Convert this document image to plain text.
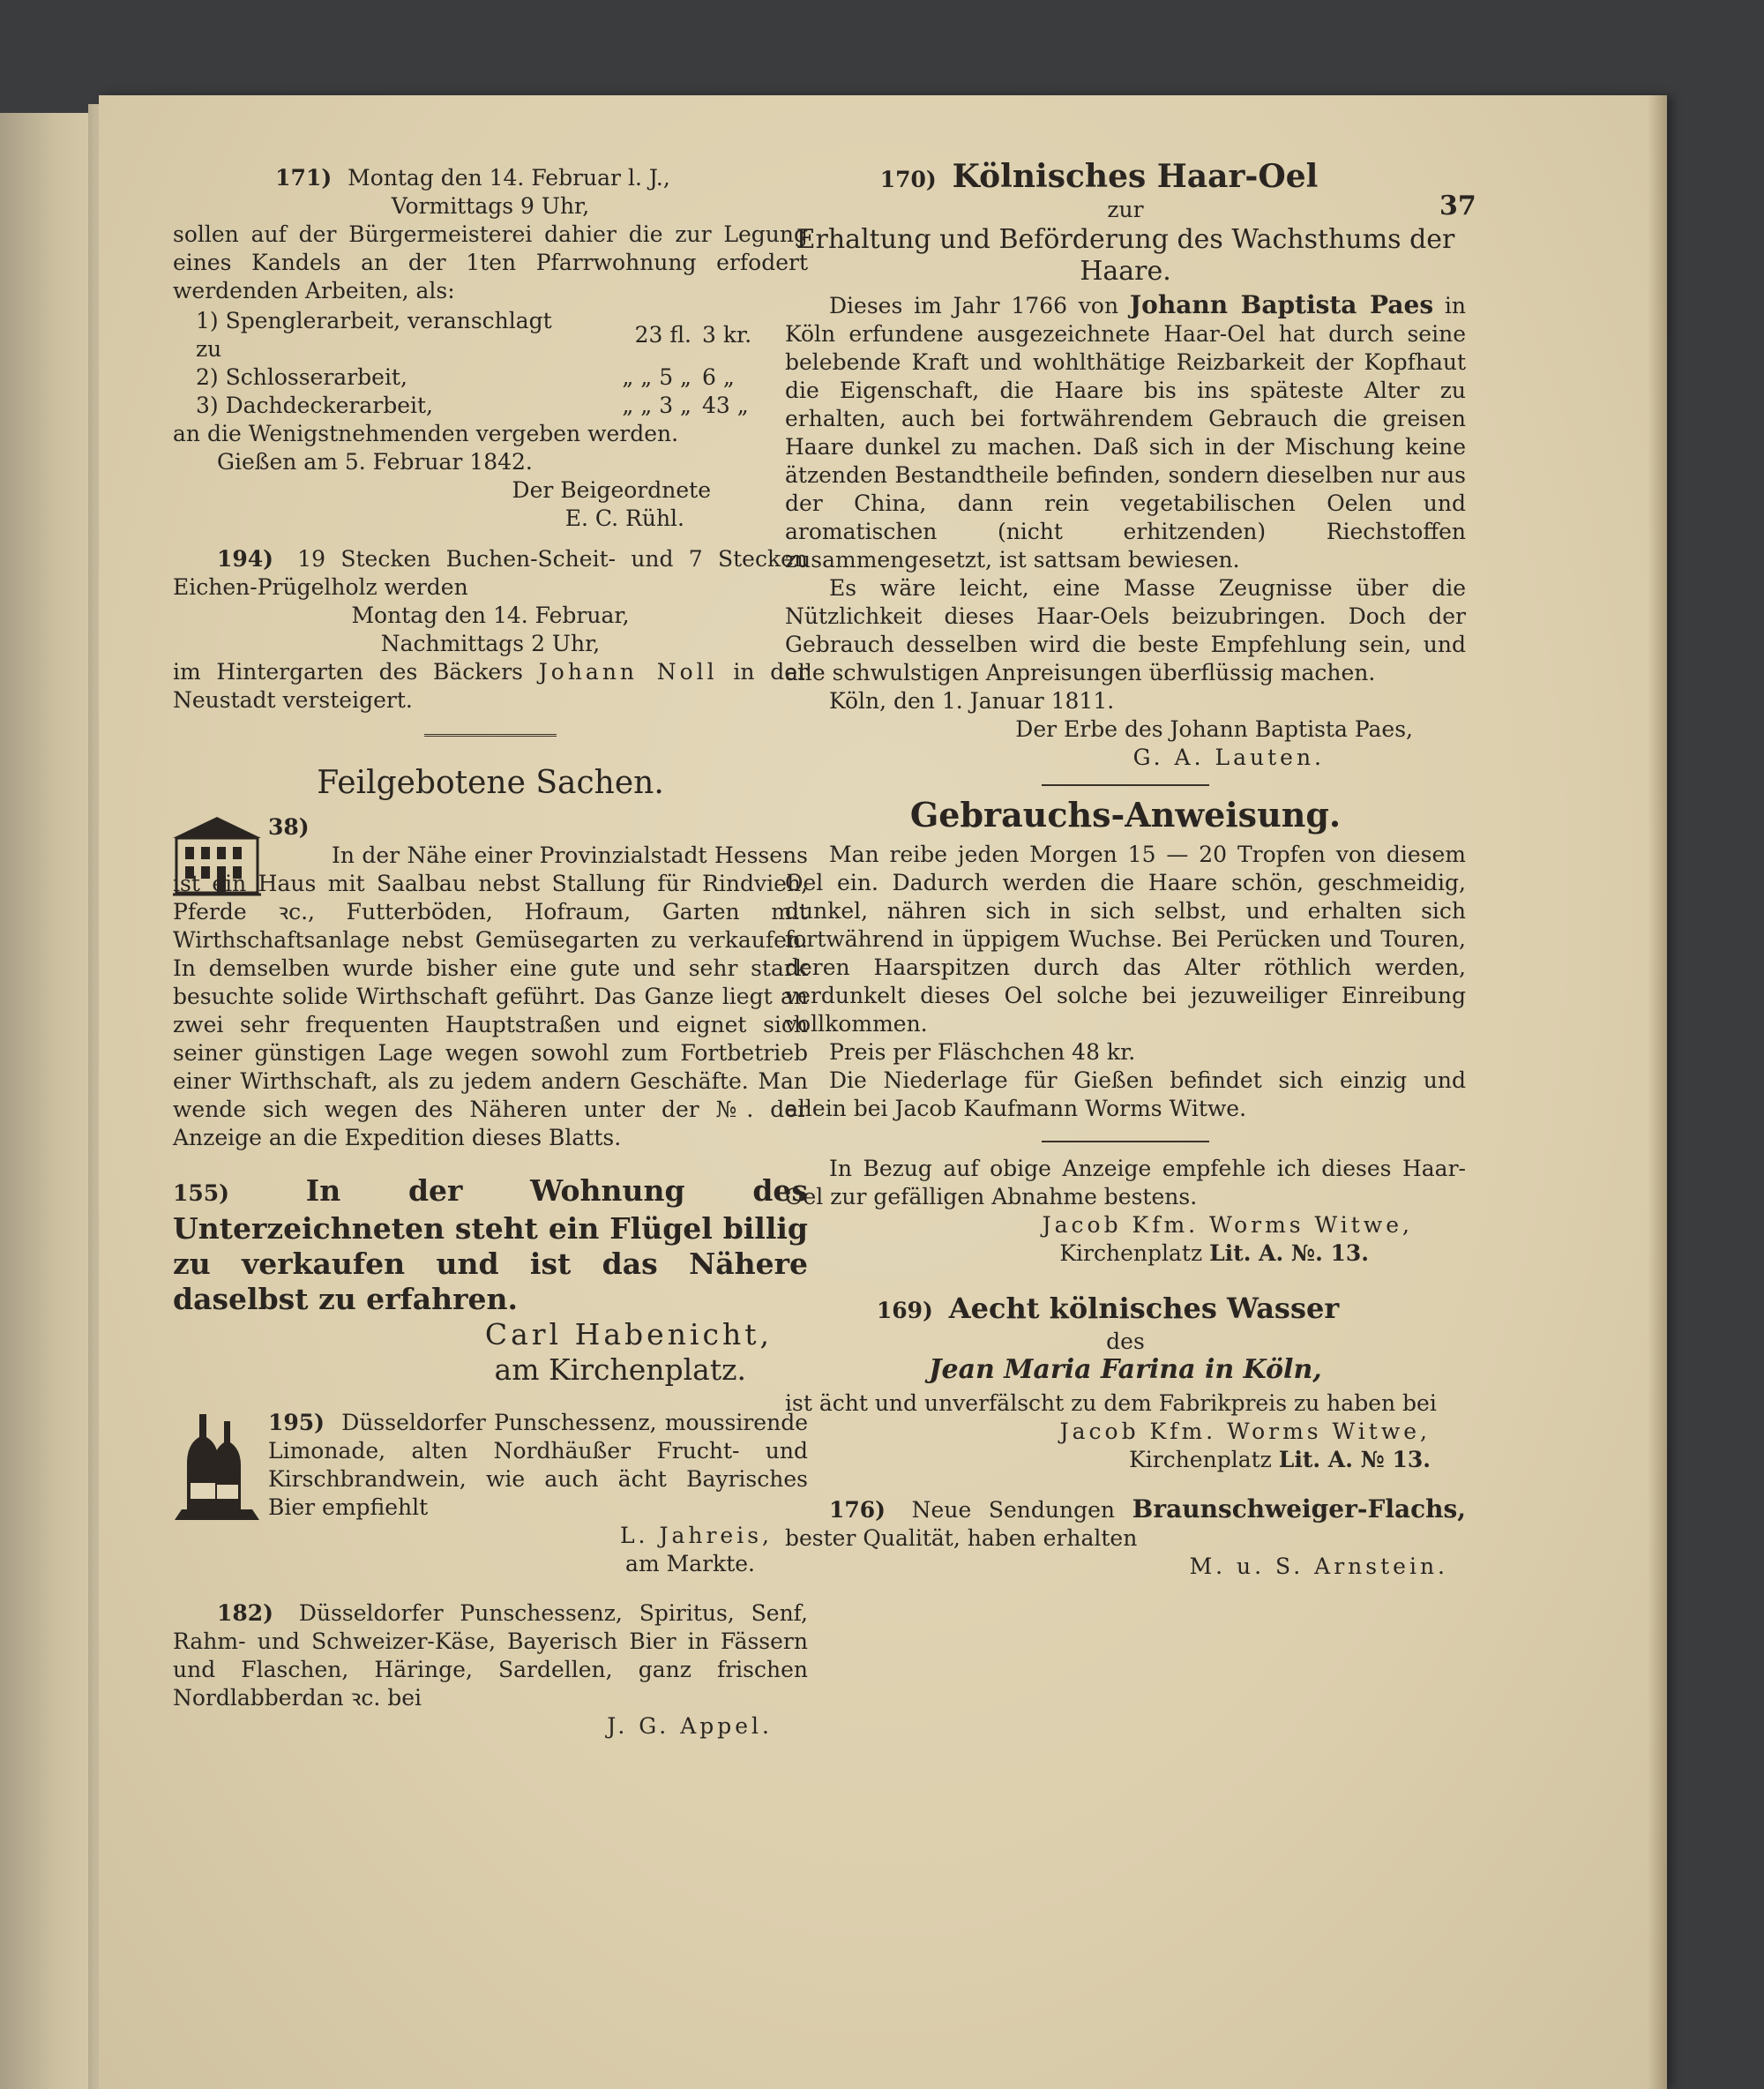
37

171) Montag den 14. Februar l. J.,

Vormittags 9 Uhr,

sollen auf der Bürgermeisterei dahier die zur Legung eines Kandels an der 1ten Pfarrwohnung erfodert werdenden Arbeiten, als:

1) Spenglerarbeit, veranschlagt zu	23 fl.	3 kr.
2) Schlosserarbeit,	„ „ 5 „	6 „
3) Dachdeckerarbeit,	„ „ 3 „	43 „

an die Wenigstnehmenden vergeben werden.

Gießen am 5. Februar 1842.

Der Beigeordnete

E. C. Rühl.

194) 19 Stecken Buchen-Scheit- und 7 Stecken Eichen-Prügelholz werden

Montag den 14. Februar,

Nachmittags 2 Uhr,

im Hintergarten des Bäckers Johann Noll in der Neustadt versteigert.

Feilgebotene Sachen.

38)

In der Nähe einer Provinzialstadt Hessens ist ein Haus mit Saalbau nebst Stallung für Rindvieh, Pferde ꝛc., Futterböden, Hofraum, Garten mit Wirthschaftsanlage nebst Gemüsegarten zu verkaufen. In demselben wurde bisher eine gute und sehr stark besuchte solide Wirthschaft geführt. Das Ganze liegt an zwei sehr frequenten Hauptstraßen und eignet sich seiner günstigen Lage wegen sowohl zum Fortbetrieb einer Wirthschaft, als zu jedem andern Geschäfte. Man wende sich wegen des Näheren unter der №. der Anzeige an die Expedition dieses Blatts.

155)	In der Wohnung des Unterzeichneten steht ein Flügel billig zu verkaufen und ist das Nähere daselbst zu erfahren.

Carl Habenicht,

am Kirchenplatz.

195) Düsseldorfer Punschessenz, moussirende Limonade, alten Nordhäußer Frucht- und Kirschbrandwein, wie auch ächt Bayrisches Bier empfiehlt

L. Jahreis,

am Markte.

182) Düsseldorfer Punschessenz, Spiritus, Senf, Rahm- und Schweizer-Käse, Bayerisch Bier in Fässern und Flaschen, Häringe, Sardellen, ganz frischen Nordlabberdan ꝛc. bei

J. G. Appel.

170) Kölnisches Haar-Oel

zur

Erhaltung und Beförderung des Wachsthums der Haare.

Dieses im Jahr 1766 von Johann Baptista Paes in Köln erfundene ausgezeichnete Haar-Oel hat durch seine belebende Kraft und wohlthätige Reizbarkeit der Kopfhaut die Eigenschaft, die Haare bis ins späteste Alter zu erhalten, auch bei fortwährendem Gebrauch die greisen Haare dunkel zu machen. Daß sich in der Mischung keine ätzenden Bestandtheile befinden, sondern dieselben nur aus der China, dann rein vegetabilischen Oelen und aromatischen (nicht erhitzenden) Riechstoffen zusammengesetzt, ist sattsam bewiesen.

Es wäre leicht, eine Masse Zeugnisse über die Nützlichkeit dieses Haar-Oels beizubringen. Doch der Gebrauch desselben wird die beste Empfehlung sein, und alle schwulstigen Anpreisungen überflüssig machen.

Köln, den 1. Januar 1811.

Der Erbe des Johann Baptista Paes,

G. A. Lauten.

Gebrauchs-Anweisung.

Man reibe jeden Morgen 15 — 20 Tropfen von diesem Oel ein. Dadurch werden die Haare schön, geschmeidig, dunkel, nähren sich in sich selbst, und erhalten sich fortwährend in üppigem Wuchse. Bei Perücken und Touren, deren Haarspitzen durch das Alter röthlich werden, verdunkelt dieses Oel solche bei jezuweiliger Einreibung vollkommen.

Preis per Fläschchen 48 kr.

Die Niederlage für Gießen befindet sich einzig und allein bei Jacob Kaufmann Worms Witwe.

In Bezug auf obige Anzeige empfehle ich dieses Haar-Oel zur gefälligen Abnahme bestens.

Jacob Kfm. Worms Witwe,

Kirchenplatz Lit. A. №. 13.

169) Aecht kölnisches Wasser

des

Jean Maria Farina in Köln,

ist ächt und unverfälscht zu dem Fabrikpreis zu haben bei

Jacob Kfm. Worms Witwe,

Kirchenplatz Lit. A. № 13.

176) Neue Sendungen Braunschweiger-Flachs, bester Qualität, haben erhalten

M. u. S. Arnstein.
